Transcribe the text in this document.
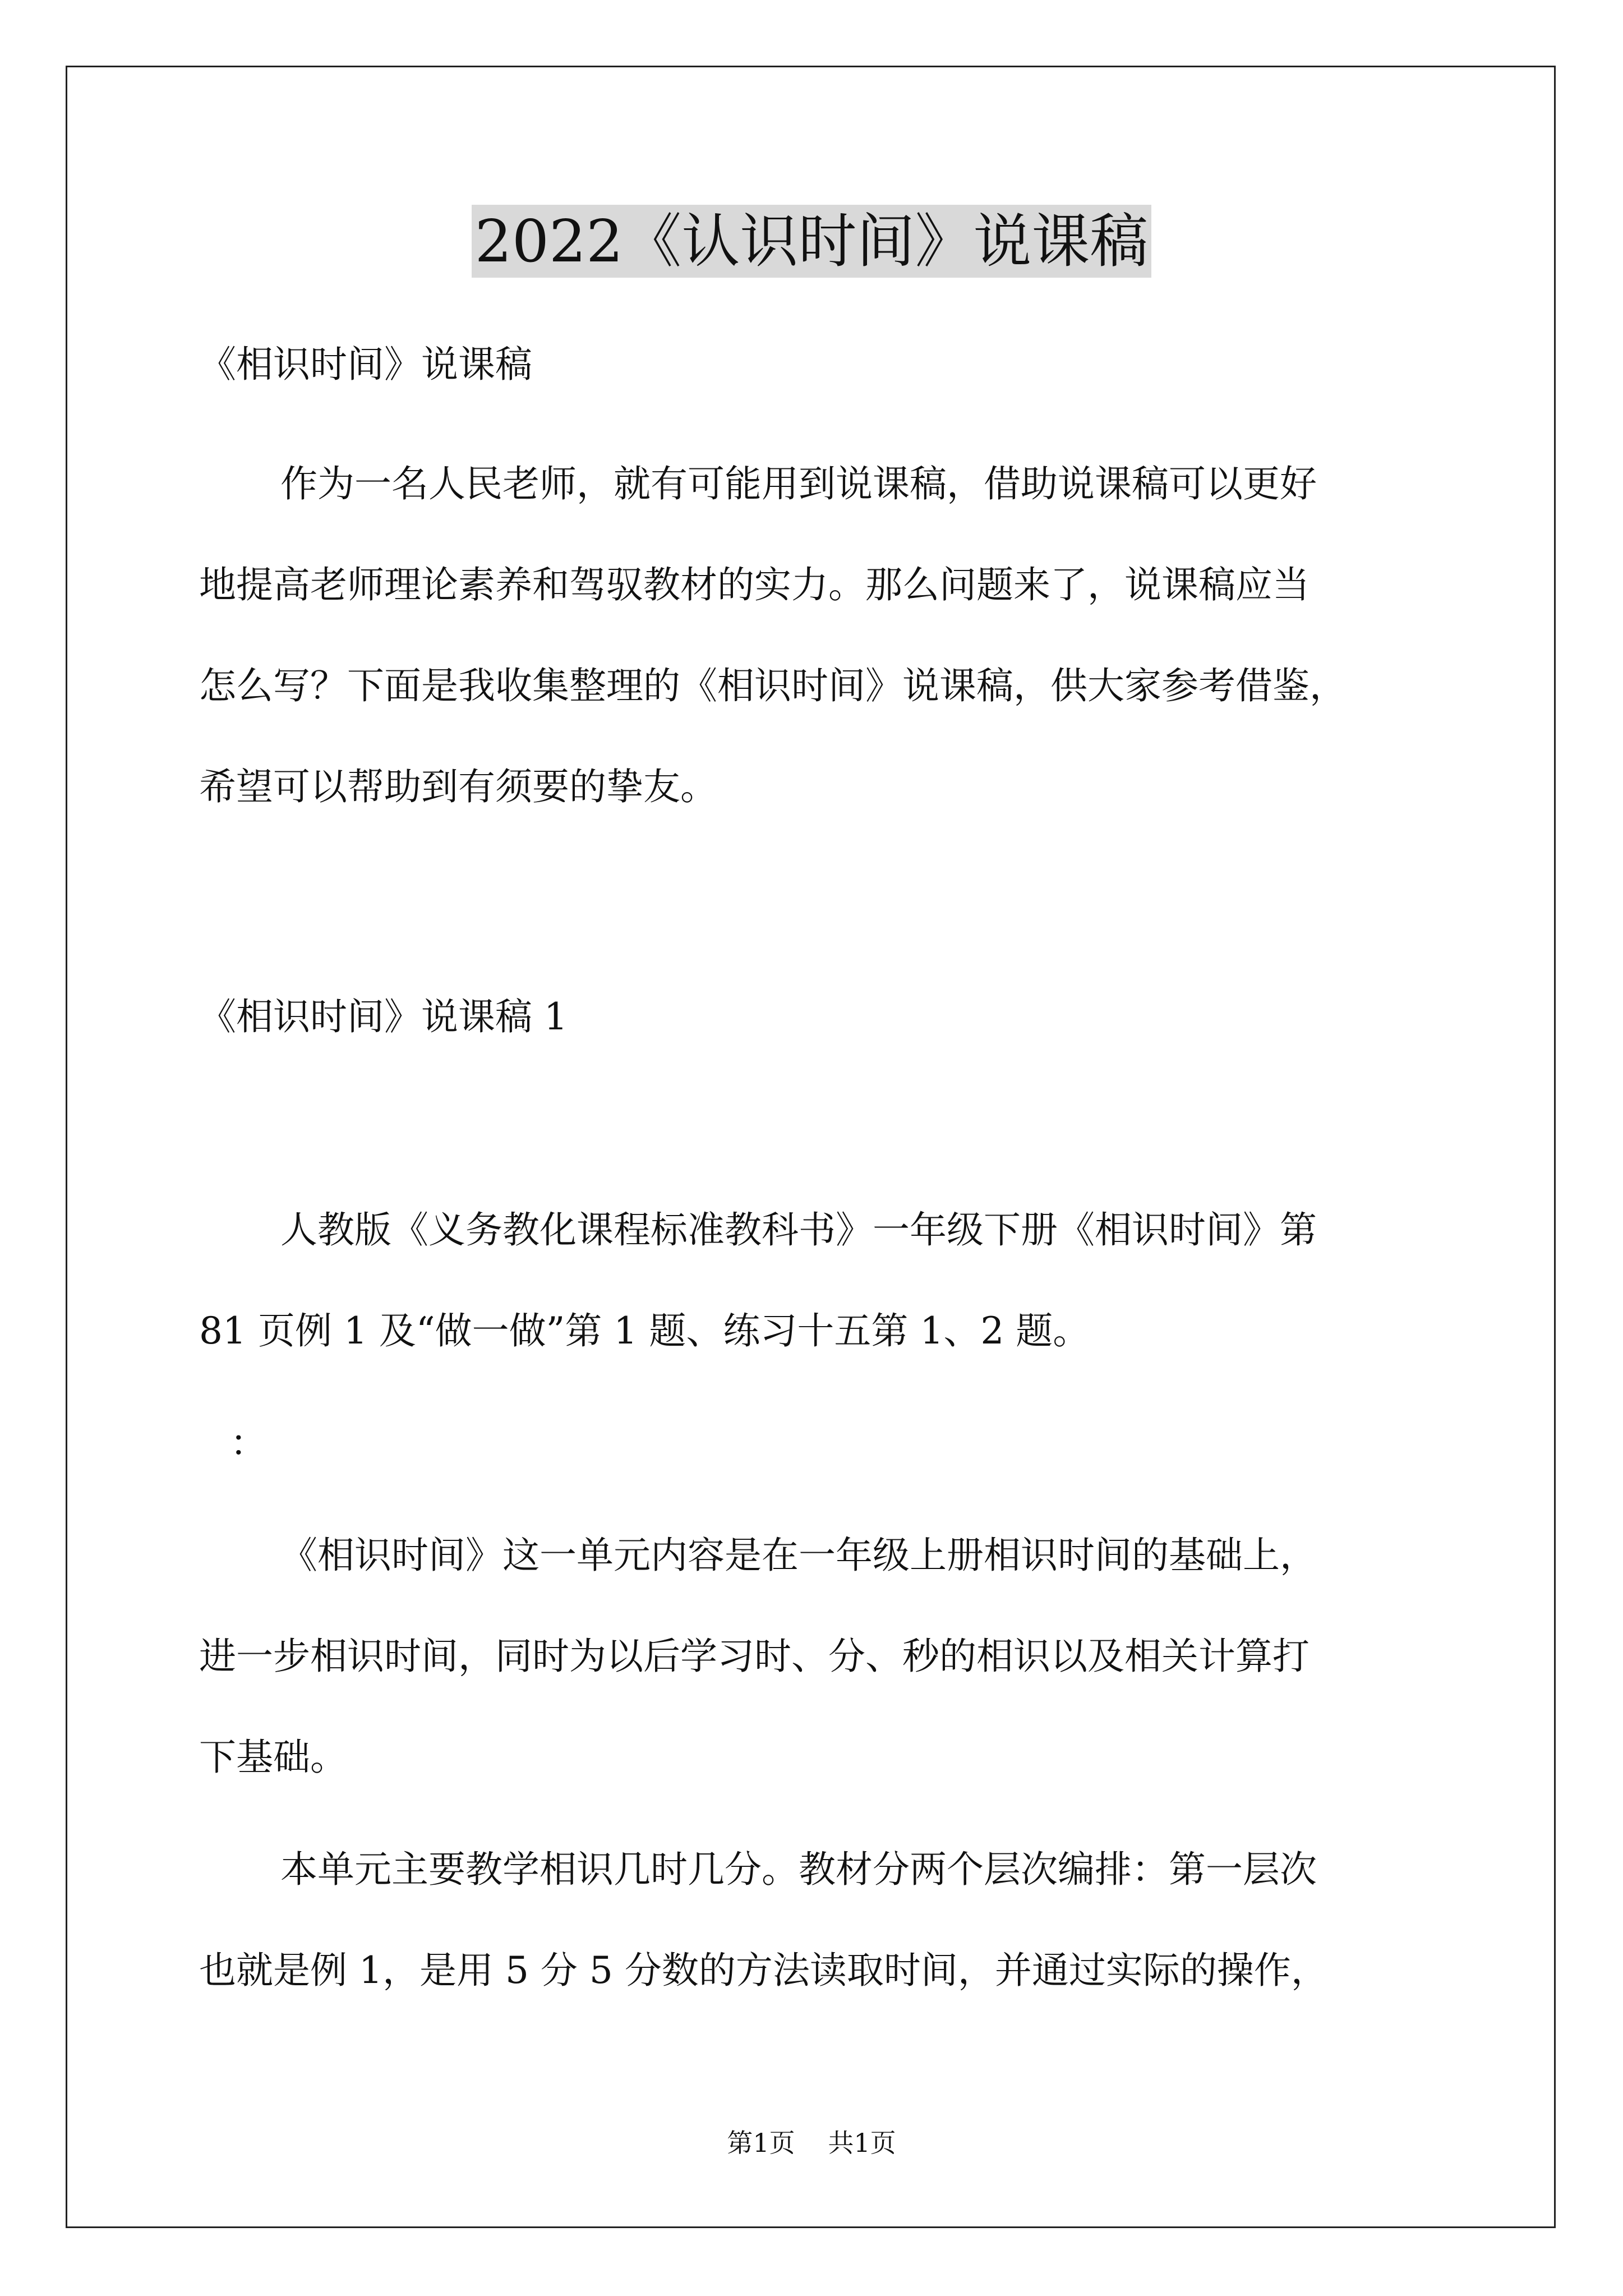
2022《认识时间》说课稿

《相识时间》说课稿

作为一名人民老师，就有可能用到说课稿，借助说课稿可以更好

地提高老师理论素养和驾驭教材的实力。那么问题来了，说课稿应当

怎么写？下面是我收集整理的《相识时间》说课稿，供大家参考借鉴，

希望可以帮助到有须要的挚友。

《相识时间》说课稿 1

人教版《义务教化课程标准教科书》一年级下册《相识时间》第

81 页例 1 及“做一做”第 1 题、练习十五第 1、2 题。

：

《相识时间》这一单元内容是在一年级上册相识时间的基础上，

进一步相识时间，同时为以后学习时、分、秒的相识以及相关计算打

下基础。

本单元主要教学相识几时几分。教材分两个层次编排：第一层次

也就是例 1，是用 5 分 5 分数的方法读取时间，并通过实际的操作，

第1页 共1页
